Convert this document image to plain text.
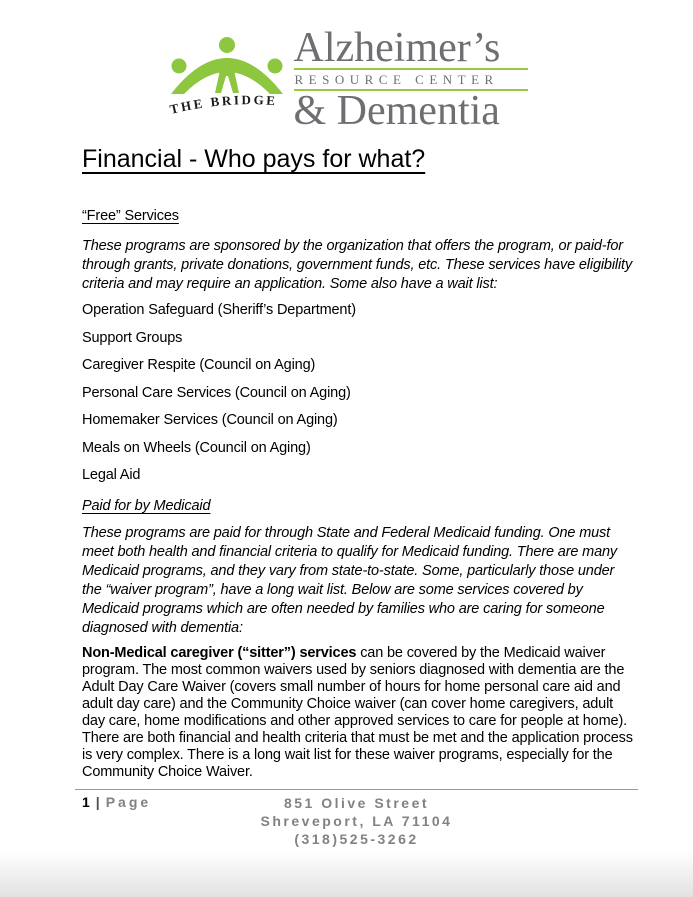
THE BRIDGE
Alzheimer’s
RESOURCE CENTER
& Dementia
Financial - Who pays for what?
“Free” Services

These programs are sponsored by the organization that offers the program, or paid-for through grants, private donations, government funds, etc. These services have eligibility criteria and may require an application. Some also have a wait list:

Operation Safeguard (Sheriff’s Department)

Support Groups

Caregiver Respite (Council on Aging)

Personal Care Services (Council on Aging)

Homemaker Services (Council on Aging)

Meals on Wheels (Council on Aging)

Legal Aid

Paid for by Medicaid

These programs are paid for through State and Federal Medicaid funding. One must meet both health and financial criteria to qualify for Medicaid funding. There are many Medicaid programs, and they vary from state-to-state. Some, particularly those under the “waiver program”, have a long wait list. Below are some services covered by Medicaid programs which are often needed by families who are caring for someone diagnosed with dementia:

Non-Medical caregiver (“sitter”) services can be covered by the Medicaid waiver program. The most common waivers used by seniors diagnosed with dementia are the Adult Day Care Waiver (covers small number of hours for home personal care aid and adult day care) and the Community Choice waiver (can cover home caregivers, adult day care, home modifications and other approved services to care for people at home). There are both financial and health criteria that must be met and the application process is very complex. There is a long wait list for these waiver programs, especially for the Community Choice Waiver.

1 | Page	851 Olive Street
Shreveport, LA 71104
(318)525-3262
